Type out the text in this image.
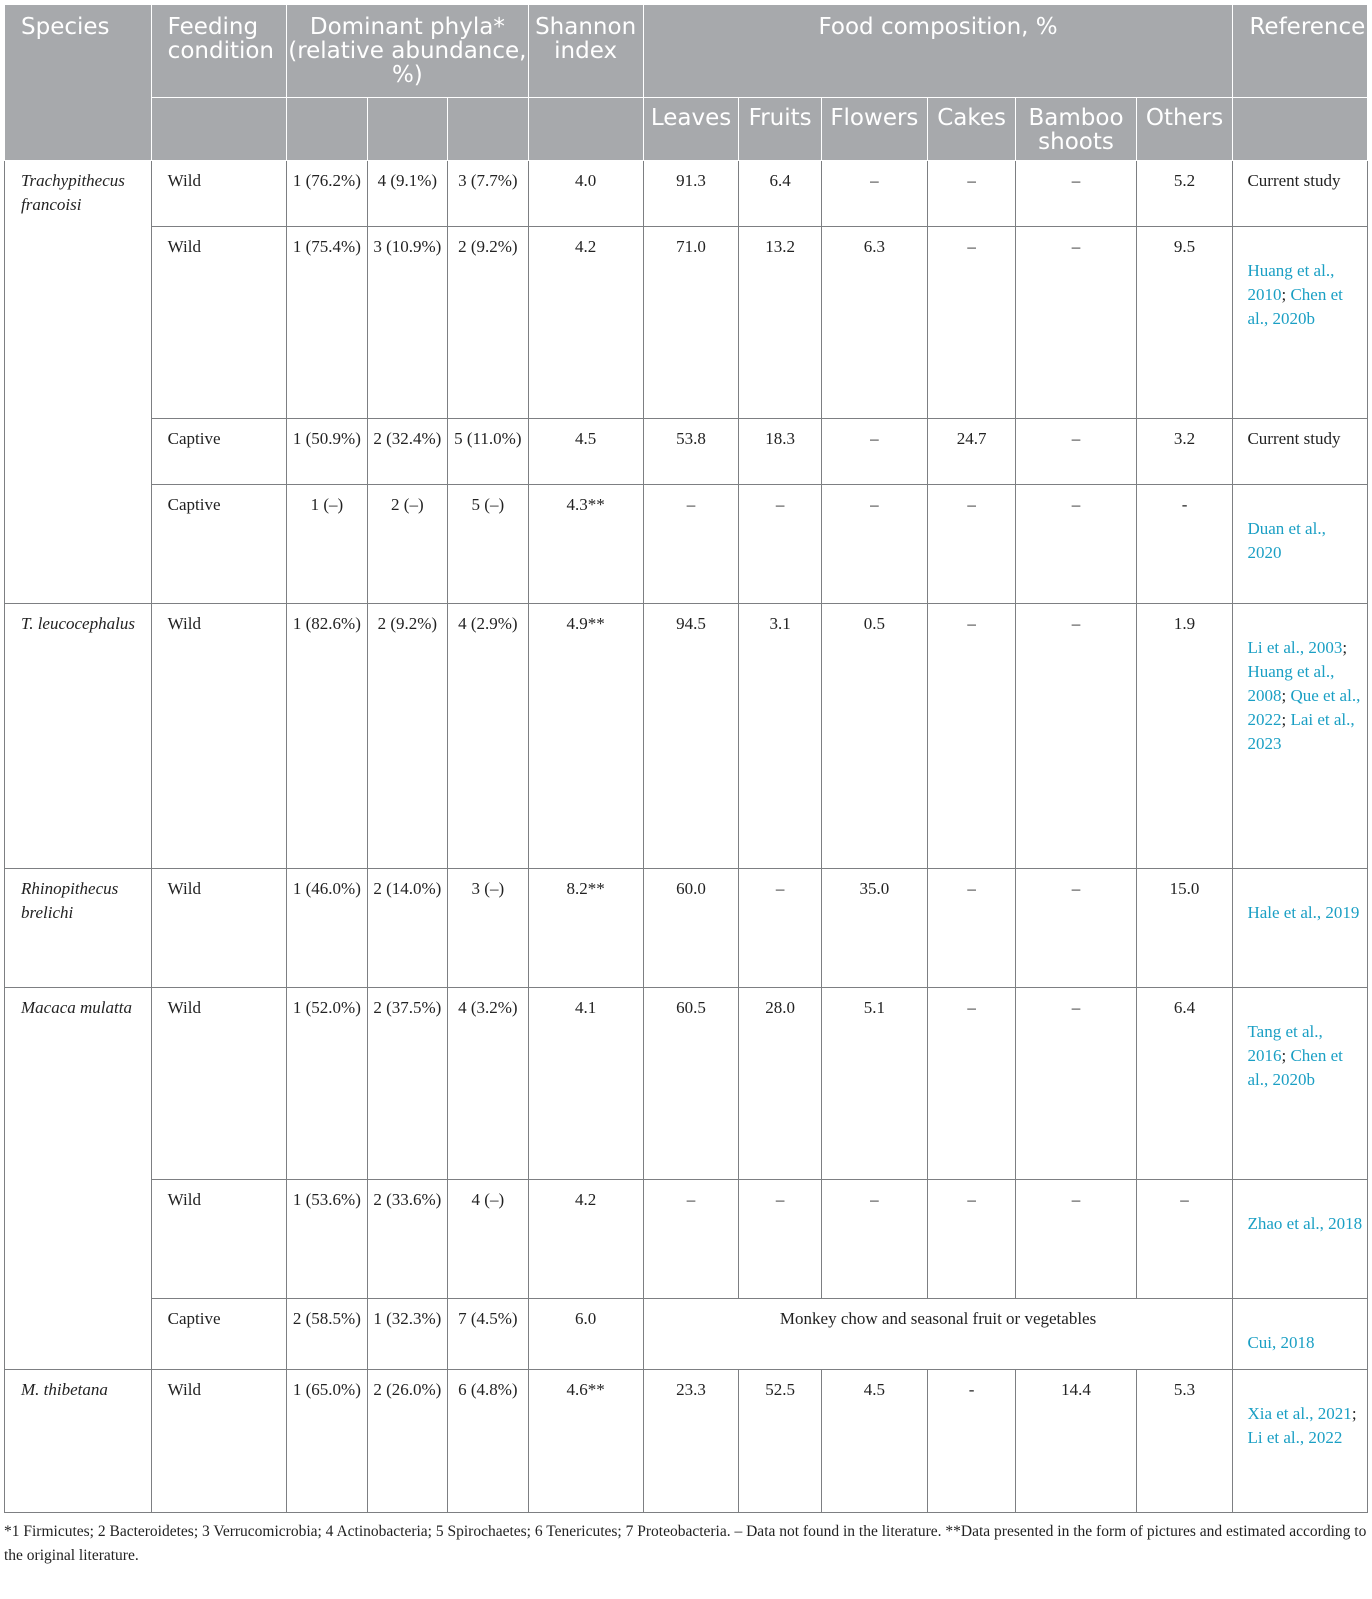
Species	Feeding condition	Dominant phyla* (relative abundance, %)			Shannon index	Food composition, %						Reference
						Leaves	Fruits	Flowers	Cakes	Bamboo shoots	Others	
Trachypithecus francoisi	Wild	1 (76.2%)	4 (9.1%)	3 (7.7%)	4.0	91.3	6.4	–	–	–	5.2	Current study
	Wild	1 (75.4%)	3 (10.9%)	2 (9.2%)	4.2	71.0	13.2	6.3	–	–	9.5	Huang et al., 2010; Chen et al., 2020b

	Captive	1 (50.9%)	2 (32.4%)	5 (11.0%)	4.5	53.8	18.3	–	24.7	–	3.2	Current study
	Captive	1 (–)	2 (–)	5 (–)	4.3**	–	–	–	–	–	-	Duan et al., 2020

T. leucocephalus	Wild	1 (82.6%)	2 (9.2%)	4 (2.9%)	4.9**	94.5	3.1	0.5	–	–	1.9	Li et al., 2003; Huang et al., 2008; Que et al., 2022; Lai et al., 2023

Rhinopithecus brelichi	Wild	1 (46.0%)	2 (14.0%)	3 (–)	8.2**	60.0	–	35.0	–	–	15.0	Hale et al., 2019

Macaca mulatta	Wild	1 (52.0%)	2 (37.5%)	4 (3.2%)	4.1	60.5	28.0	5.1	–	–	6.4	Tang et al., 2016; Chen et al., 2020b

	Wild	1 (53.6%)	2 (33.6%)	4 (–)	4.2	–	–	–	–	–	–	Zhao et al., 2018

	Captive	2 (58.5%)	1 (32.3%)	7 (4.5%)	6.0	Monkey chow and seasonal fruit or vegetables						Cui, 2018

M. thibetana	Wild	1 (65.0%)	2 (26.0%)	6 (4.8%)	4.6**	23.3	52.5	4.5	-	14.4	5.3	Xia et al., 2021; Li et al., 2022
*1 Firmicutes; 2 Bacteroidetes; 3 Verrucomicrobia; 4 Actinobacteria; 5 Spirochaetes; 6 Tenericutes; 7 Proteobacteria. – Data not found in the literature. **Data presented in the form of pictures and estimated according to the original literature.
